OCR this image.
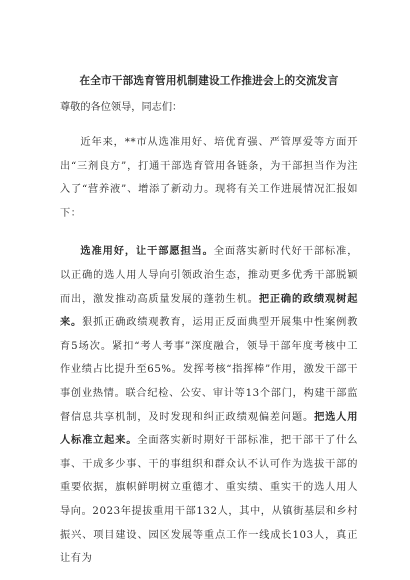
在全市干部选育管用机制建设工作推进会上的交流发言

尊敬的各位领导，同志们：

近年来，**市从选准用好、培优育强、严管厚爱等方面开出“三剂良方”，打通干部选育管用各链条，为干部担当作为注入了“营养液”、增添了新动力。现将有关工作进展情况汇报如下：

选准用好，让干部愿担当。全面落实新时代好干部标准，以正确的选人用人导向引领政治生态，推动更多优秀干部脱颖而出，激发推动高质量发展的蓬勃生机。把正确的政绩观树起来。狠抓正确政绩观教育，运用正反面典型开展集中性案例教育5场次。紧扣“考人考事”深度融合，领导干部年度考核中工作业绩占比提升至65%。发挥考核“指挥棒”作用，激发干部干事创业热情。联合纪检、公安、审计等13个部门，构建干部监督信息共享机制，及时发现和纠正政绩观偏差问题。把选人用人标准立起来。全面落实新时期好干部标准，把干部干了什么事、干成多少事、干的事组织和群众认不认可作为选拔干部的重要依据，旗帜鲜明树立重德才、重实绩、重实干的选人用人导向。2023年提拔重用干部132人，其中，从镇街基层和乡村振兴、项目建设、园区发展等重点工作一线成长103人，真正让有为
